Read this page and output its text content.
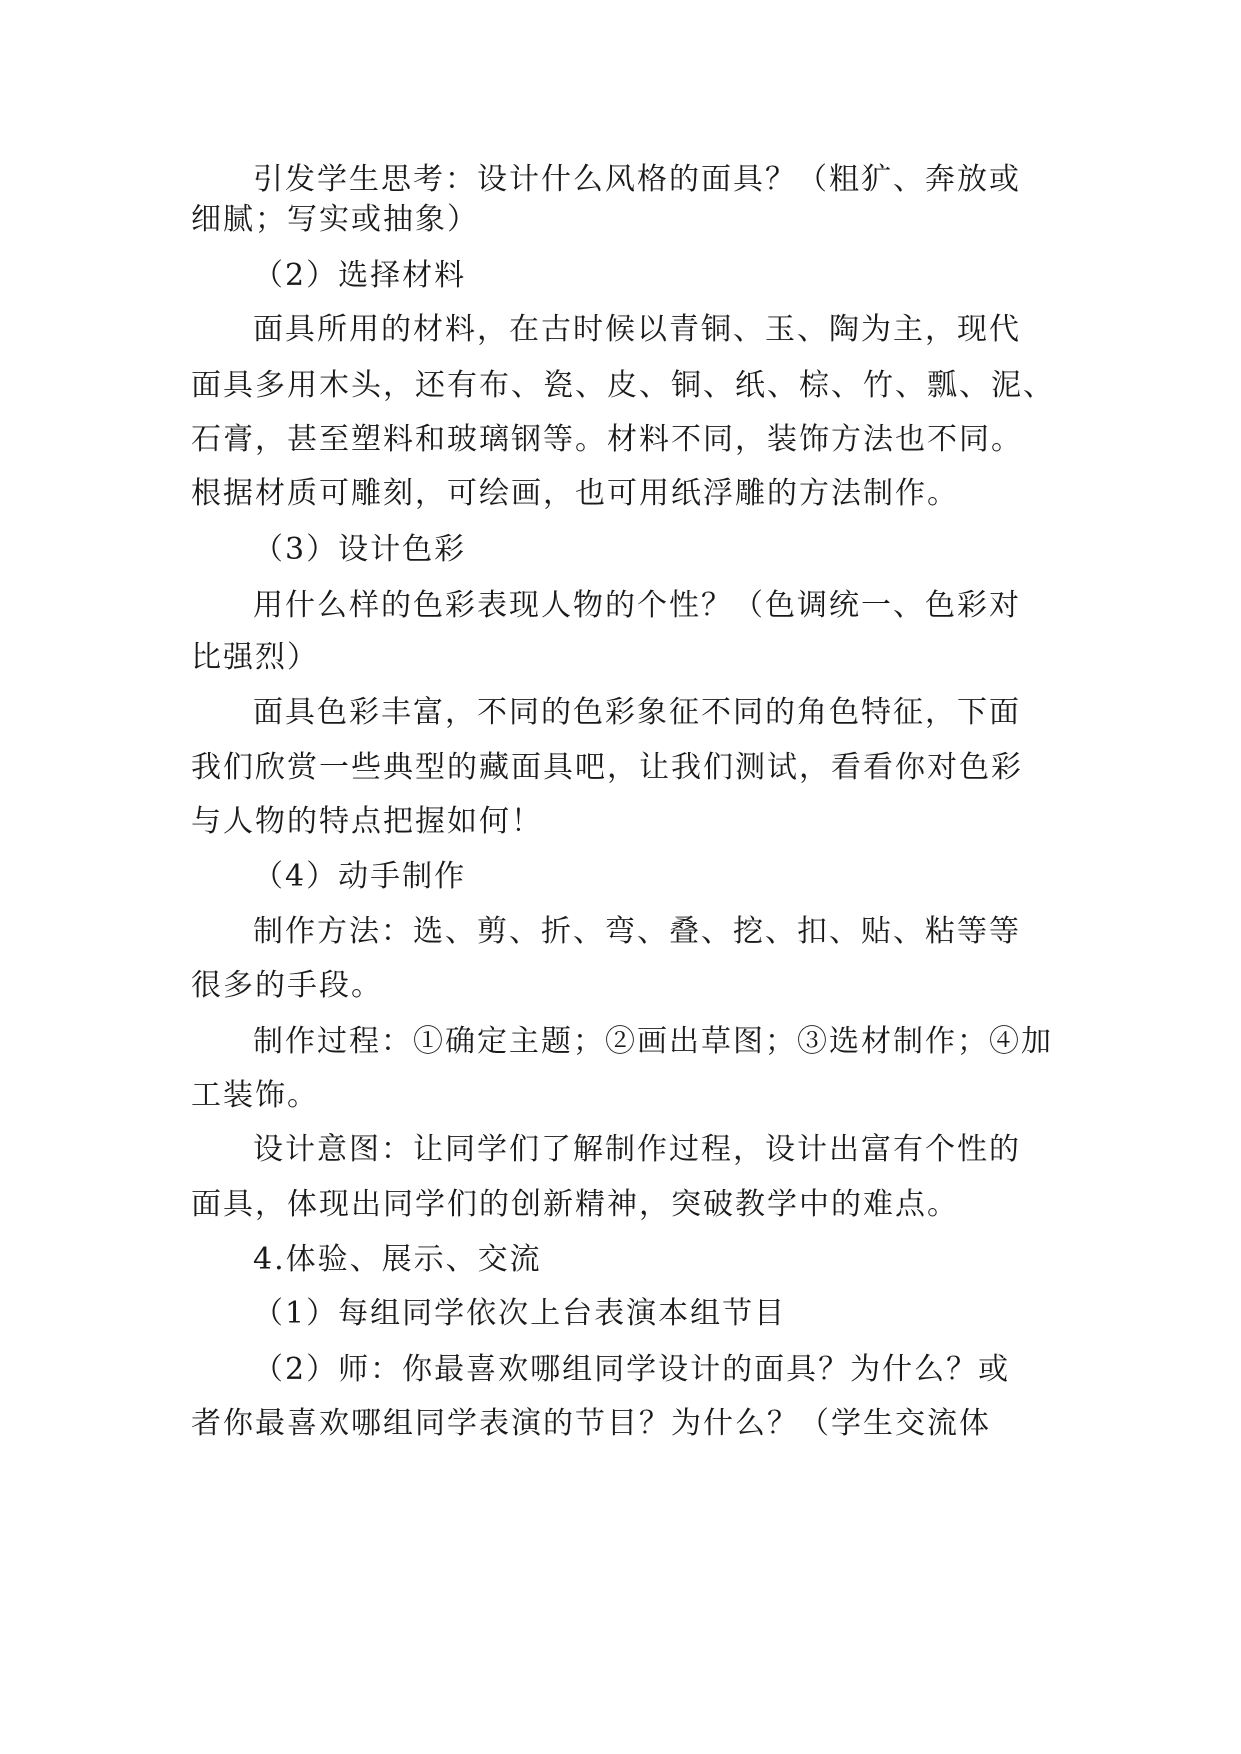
引发学生思考：设计什么风格的面具？（粗犷、奔放或
细腻；写实或抽象）
（2）选择材料
面具所用的材料，在古时候以青铜、玉、陶为主，现代
面具多用木头，还有布、瓷、皮、铜、纸、棕、竹、瓢、泥、
石膏，甚至塑料和玻璃钢等。材料不同，装饰方法也不同。
根据材质可雕刻，可绘画，也可用纸浮雕的方法制作。
（3）设计色彩
用什么样的色彩表现人物的个性？（色调统一、色彩对
比强烈）
面具色彩丰富，不同的色彩象征不同的角色特征，下面
我们欣赏一些典型的藏面具吧，让我们测试，看看你对色彩
与人物的特点把握如何！
（4）动手制作
制作方法：选、剪、折、弯、叠、挖、扣、贴、粘等等
很多的手段。
制作过程：①确定主题；②画出草图；③选材制作；④加
工装饰。
设计意图：让同学们了解制作过程，设计出富有个性的
面具，体现出同学们的创新精神，突破教学中的难点。
4.体验、展示、交流
（1）每组同学依次上台表演本组节目
（2）师：你最喜欢哪组同学设计的面具？为什么？或
者你最喜欢哪组同学表演的节目？为什么？（学生交流体
